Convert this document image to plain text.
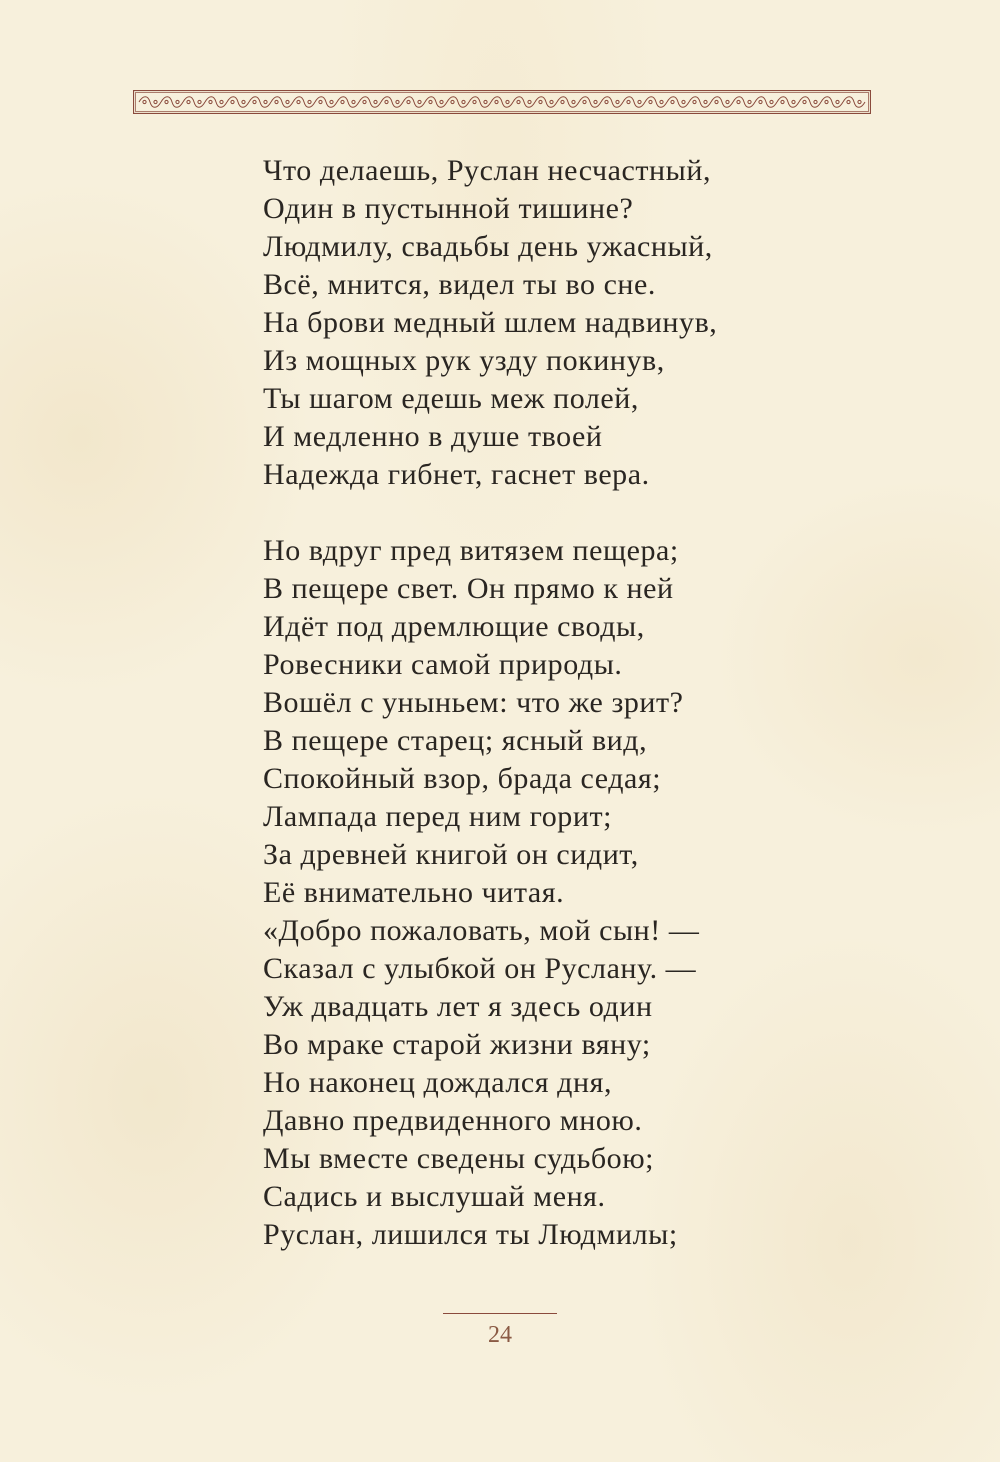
Что делаешь, Руслан несчастный,
Один в пустынной тишине?
Людмилу, свадьбы день ужасный,
Всё, мнится, видел ты во сне.
На брови медный шлем надвинув,
Из мощных рук узду покинув,
Ты шагом едешь меж полей,
И медленно в душе твоей
Надежда гибнет, гаснет вера.
Но вдруг пред витязем пещера;
В пещере свет. Он прямо к ней
Идёт под дремлющие своды,
Ровесники самой природы.
Вошёл с уныньем: что же зрит?
В пещере старец; ясный вид,
Спокойный взор, брада седая;
Лампада перед ним горит;
За древней книгой он сидит,
Её внимательно читая.
«Добро пожаловать, мой сын! —
Сказал с улыбкой он Руслану. —
Уж двадцать лет я здесь один
Во мраке старой жизни вяну;
Но наконец дождался дня,
Давно предвиденного мною.
Мы вместе сведены судьбою;
Садись и выслушай меня.
Руслан, лишился ты Людмилы;
24
